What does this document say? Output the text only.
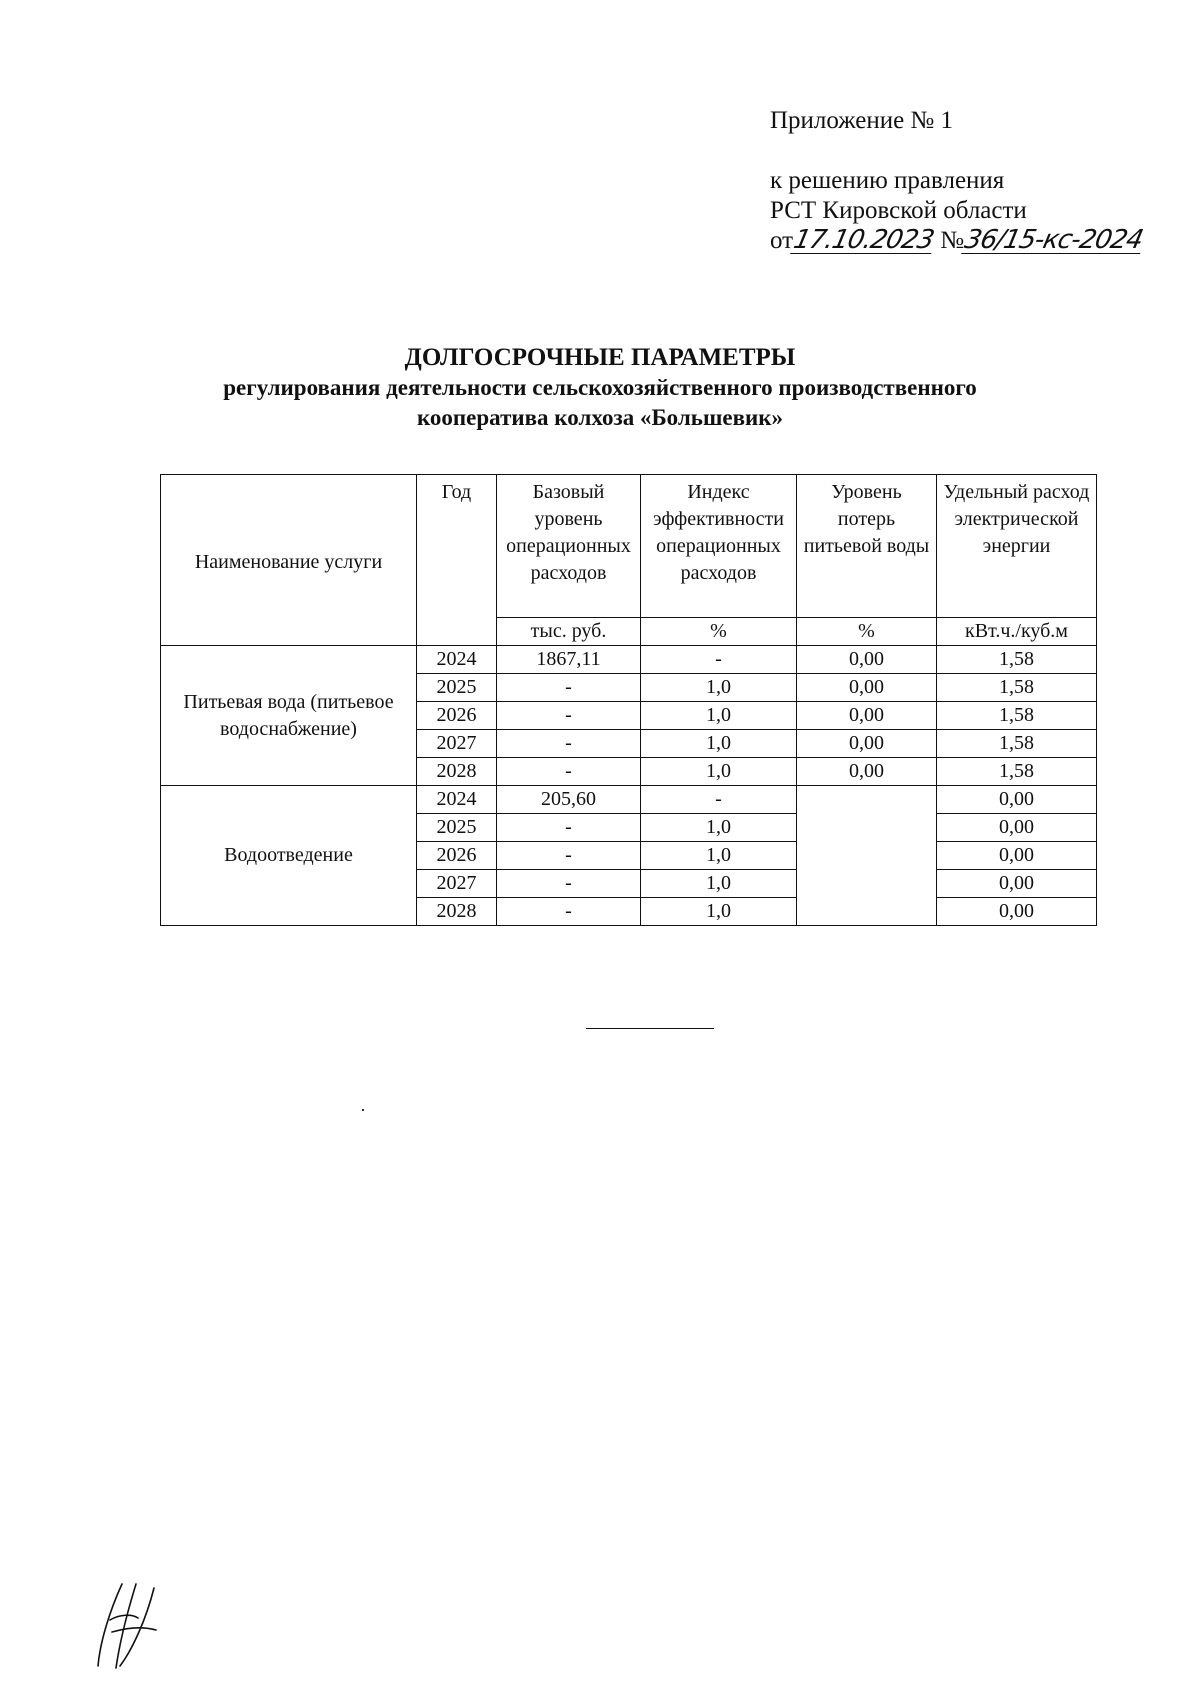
Приложение № 1
к решению правления
РСТ Кировской области
от17.10.2023 №36/15-кс-2024
ДОЛГОСРОЧНЫЕ ПАРАМЕТРЫ
регулирования деятельности сельскохозяйственного производственного
кооператива колхоза «Большевик»
Наименование услуги	Год	Базовый уровень операционных расходов	Индекс эффективности операционных расходов	Уровень потерь питьевой воды	Удельный расход электрической энергии
		тыс. руб.	%	%	кВт.ч./куб.м
Питьевая вода (питьевое водоснабжение)	2024	1867,11	-	0,00	1,58
	2025	-	1,0	0,00	1,58
	2026	-	1,0	0,00	1,58
	2027	-	1,0	0,00	1,58
	2028	-	1,0	0,00	1,58
Водоотведение	2024	205,60	-		0,00
	2025	-	1,0		0,00
	2026	-	1,0		0,00
	2027	-	1,0		0,00
	2028	-	1,0		0,00
